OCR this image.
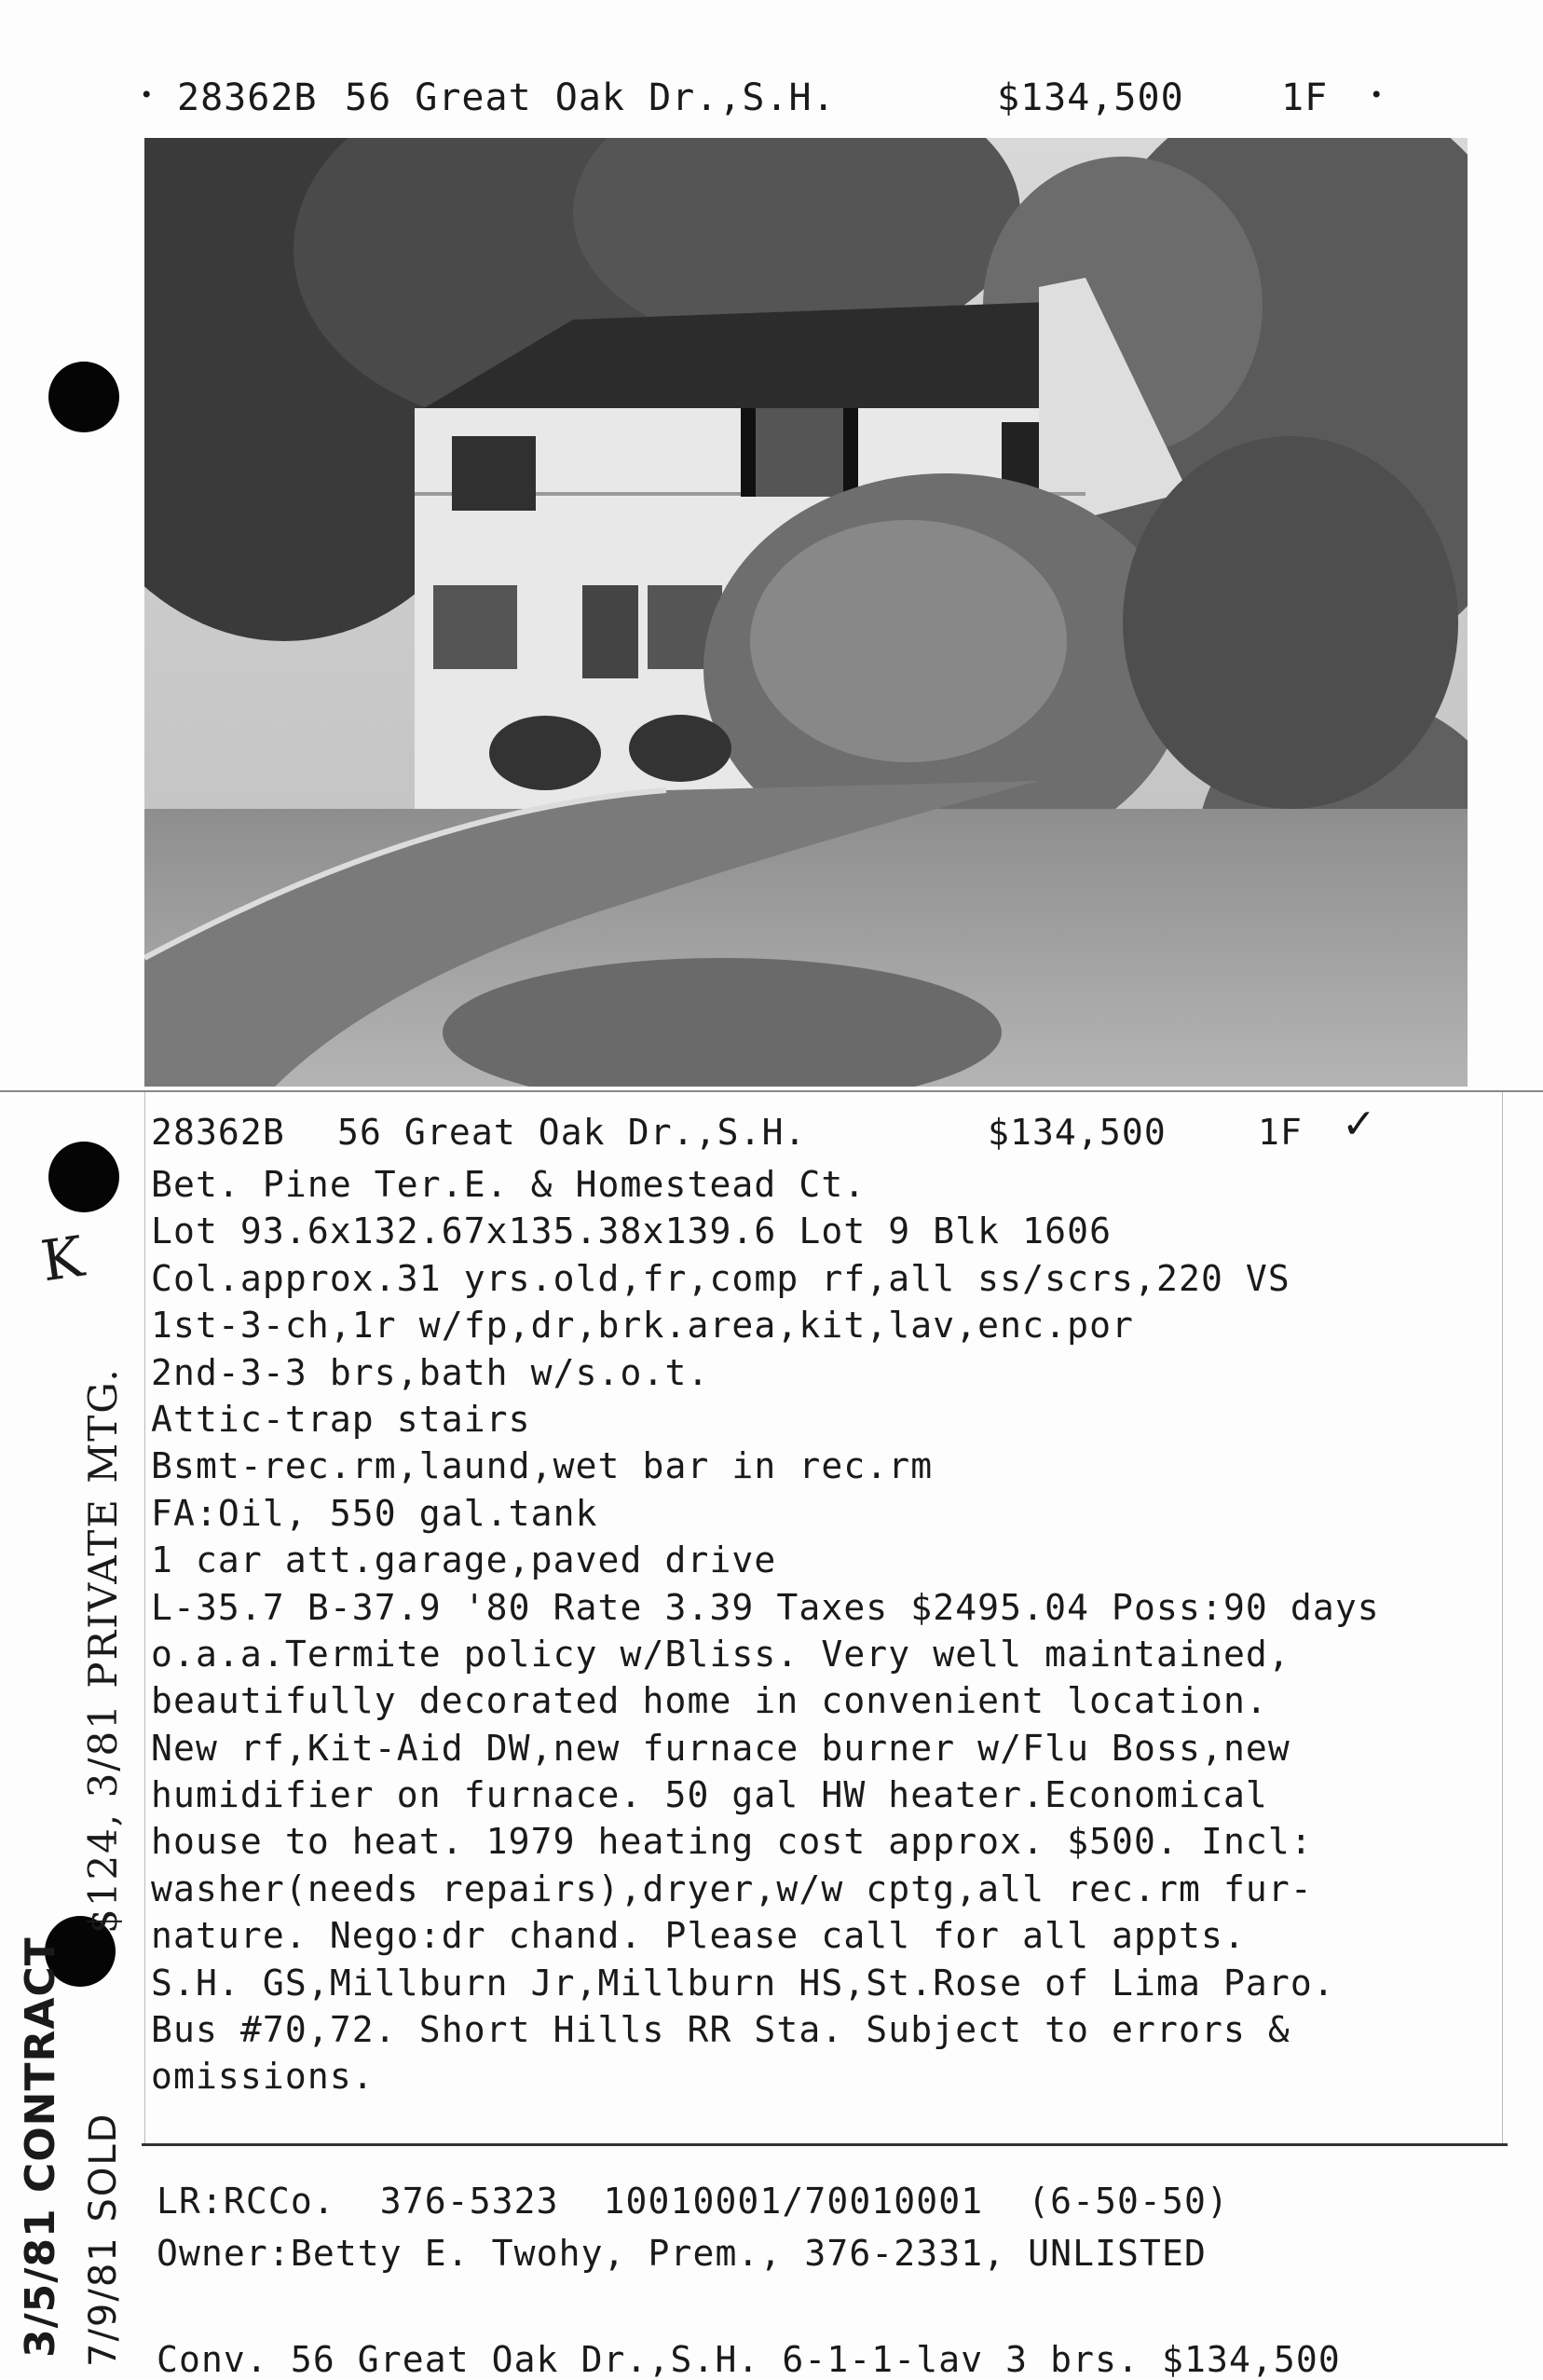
• 28362B 56 Great Oak Dr.,S.H.	$134,500	1F •

28362B

56 Great Oak Dr.,S.H.

	$134,500

	1F

✓

Bet. Pine Ter.E. & Homestead Ct.
Lot 93.6x132.67x135.38x139.6 Lot 9 Blk 1606
Col.approx.31 yrs.old,fr,comp rf,all ss/scrs,220 VS
1st-3-ch,1r w/fp,dr,brk.area,kit,lav,enc.por
2nd-3-3 brs,bath w/s.o.t.
Attic-trap stairs
Bsmt-rec.rm,laund,wet bar in rec.rm
FA:Oil, 550 gal.tank
1 car att.garage,paved drive
L-35.7 B-37.9 '80 Rate 3.39 Taxes $2495.04 Poss:90 days
o.a.a.Termite policy w/Bliss. Very well maintained,
beautifully decorated home in convenient location.
New rf,Kit-Aid DW,new furnace burner w/Flu Boss,new
humidifier on furnace. 50 gal HW heater.Economical
house to heat. 1979 heating cost approx. $500. Incl:
washer(needs repairs),dryer,w/w cptg,all rec.rm fur-
nature. Nego:dr chand. Please call for all appts.
S.H. GS,Millburn Jr,Millburn HS,St.Rose of Lima Paro.
Bus #70,72. Short Hills RR Sta. Subject to errors &
omissions.
LR:RCCo.  376-5323  10010001/70010001  (6-50-50)
Owner:Betty E. Twohy, Prem., 376-2331, UNLISTED
Conv. 56 Great Oak Dr.,S.H. 6-1-1-lav 3 brs. $134,500
K
$124, 3/81 PRIVATE MTG.
3/5/81 CONTRACT 7/9/81 SOLD
